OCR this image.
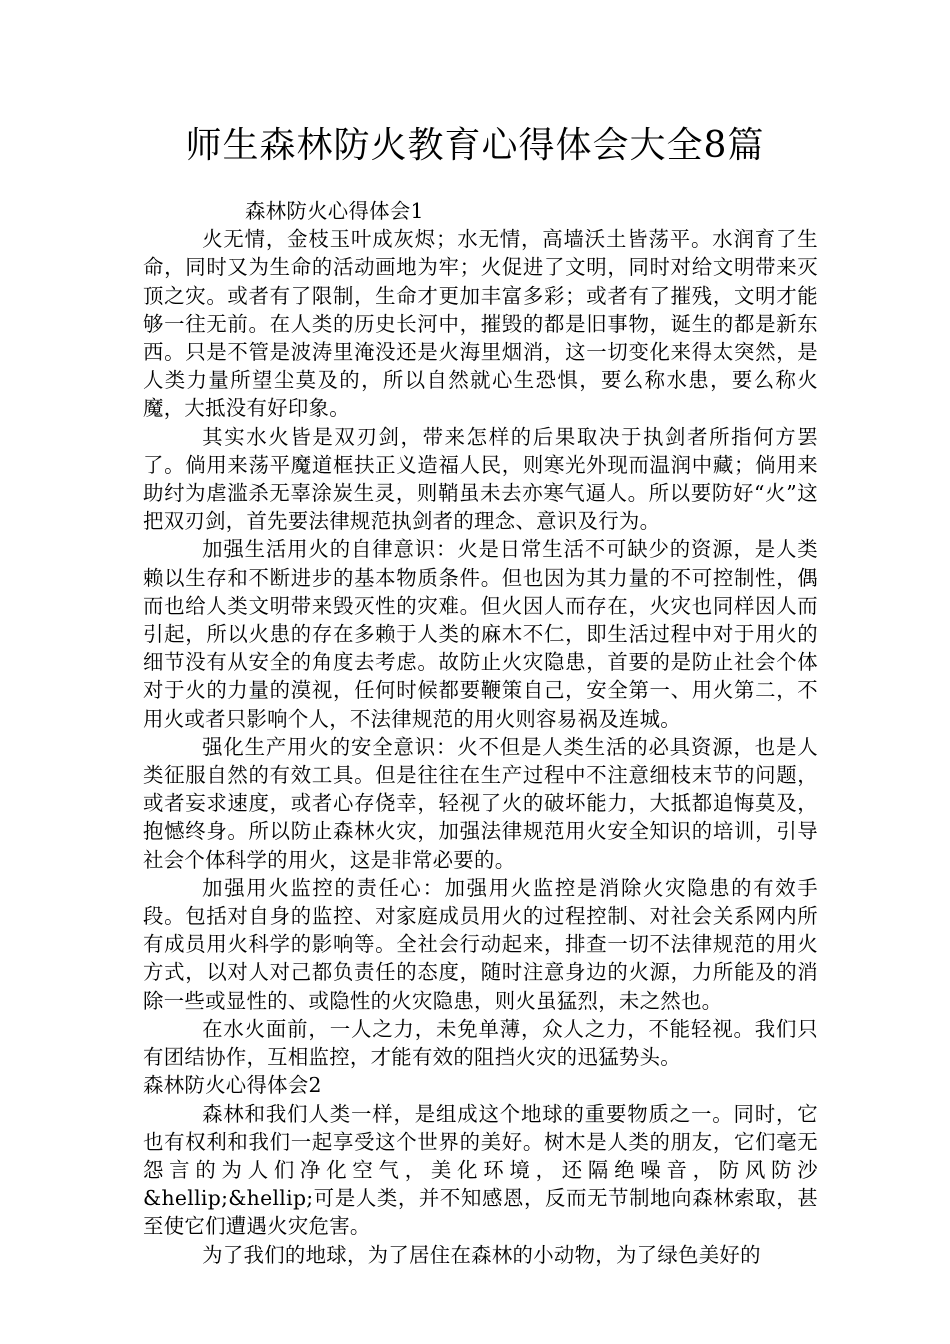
师生森林防火教育心得体会大全8篇
森林防火心得体会1

火无情，金枝玉叶成灰烬；水无情，高墙沃土皆荡平。水润育了生命，同时又为生命的活动画地为牢；火促进了文明，同时对给文明带来灭顶之灾。或者有了限制，生命才更加丰富多彩；或者有了摧残，文明才能够一往无前。在人类的历史长河中，摧毁的都是旧事物，诞生的都是新东西。只是不管是波涛里淹没还是火海里烟消，这一切变化来得太突然，是人类力量所望尘莫及的，所以自然就心生恐惧，要么称水患，要么称火魔，大抵没有好印象。

其实水火皆是双刃剑，带来怎样的后果取决于执剑者所指何方罢了。倘用来荡平魔道框扶正义造福人民，则寒光外现而温润中藏；倘用来助纣为虐滥杀无辜涂炭生灵，则鞘虽未去亦寒气逼人。所以要防好“火”这把双刃剑，首先要法律规范执剑者的理念、意识及行为。

加强生活用火的自律意识：火是日常生活不可缺少的资源，是人类赖以生存和不断进步的基本物质条件。但也因为其力量的不可控制性，偶而也给人类文明带来毁灭性的灾难。但火因人而存在，火灾也同样因人而引起，所以火患的存在多赖于人类的麻木不仁，即生活过程中对于用火的细节没有从安全的角度去考虑。故防止火灾隐患，首要的是防止社会个体对于火的力量的漠视，任何时候都要鞭策自己，安全第一、用火第二，不用火或者只影响个人，不法律规范的用火则容易祸及连城。

强化生产用火的安全意识：火不但是人类生活的必具资源，也是人类征服自然的有效工具。但是往往在生产过程中不注意细枝末节的问题，或者妄求速度，或者心存侥幸，轻视了火的破坏能力，大抵都追悔莫及，抱憾终身。所以防止森林火灾，加强法律规范用火安全知识的培训，引导社会个体科学的用火，这是非常必要的。

加强用火监控的责任心：加强用火监控是消除火灾隐患的有效手段。包括对自身的监控、对家庭成员用火的过程控制、对社会关系网内所有成员用火科学的影响等。全社会行动起来，排查一切不法律规范的用火方式，以对人对己都负责任的态度，随时注意身边的火源，力所能及的消除一些或显性的、或隐性的火灾隐患，则火虽猛烈，未之然也。

在水火面前，一人之力，未免单薄，众人之力，不能轻视。我们只有团结协作，互相监控，才能有效的阻挡火灾的迅猛势头。

森林防火心得体会2

森林和我们人类一样，是组成这个地球的重要物质之一。同时，它也有权利和我们一起享受这个世界的美好。树木是人类的朋友，它们毫无怨言的为人们净化空气，美化环境，还隔绝噪音，防风防沙&hellip;&hellip;可是人类，并不知感恩，反而无节制地向森林索取，甚至使它们遭遇火灾危害。

为了我们的地球，为了居住在森林的小动物，为了绿色美好的
